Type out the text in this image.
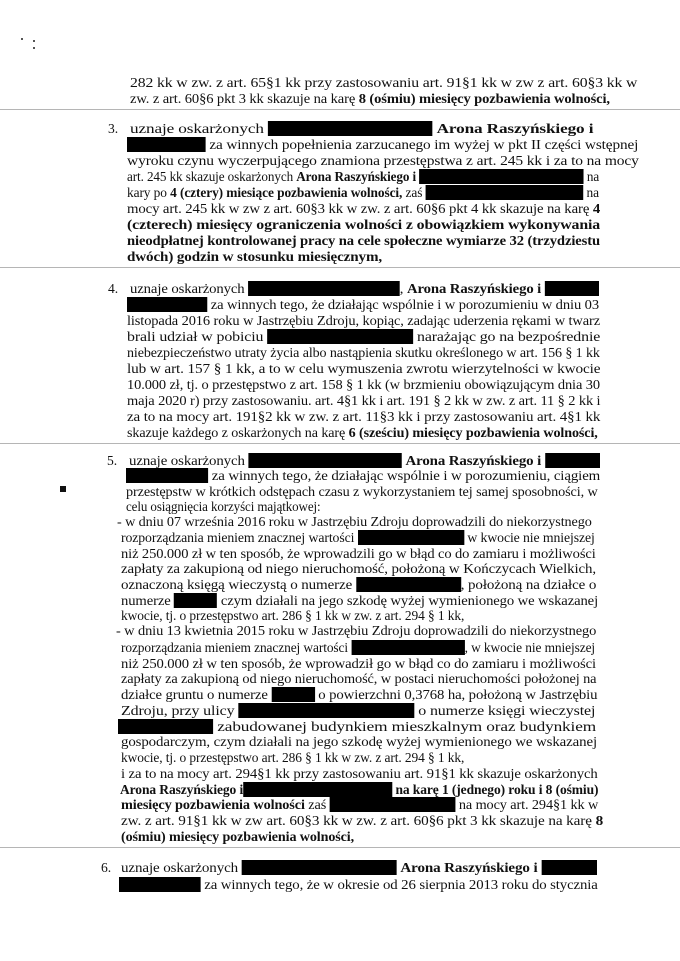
282 kk w zw. z art. 65§1 kk przy zastosowaniu art. 91§1 kk w zw z art. 60§3 kk w
zw. z art. 60§6 pkt 3 kk skazuje na karę 8 (ośmiu) miesięcy pozbawienia wolności,
3. uznaje oskarżonych	Arona Raszyńskiego i
za winnych popełnienia zarzucanego im wyżej w pkt II części wstępnej
wyroku czynu wyczerpującego znamiona przestępstwa z art. 245 kk i za to na mocy
art. 245 kk skazuje oskarżonych Arona Raszyńskiego i	na
kary po 4 (cztery) miesiące pozbawienia wolności, zaś	na
mocy art. 245 kk w zw z art. 60§3 kk w zw. z art. 60§6 pkt 4 kk skazuje na karę 4
(czterech) miesięcy ograniczenia wolności z obowiązkiem wykonywania
nieodpłatnej kontrolowanej pracy na cele społeczne wymiarze 32 (trzydziestu
dwóch) godzin w stosunku miesięcznym,
4. uznaje oskarżonych	, Arona Raszyńskiego i
za winnych tego, że działając wspólnie i w porozumieniu w dniu 03
listopada 2016 roku w Jastrzębiu Zdroju, kopiąc, zadając uderzenia rękami w twarz
brali udział w pobiciu	narażając go na bezpośrednie
niebezpieczeństwo utraty życia albo nastąpienia skutku określonego w art. 156 § 1 kk
lub w art. 157 § 1 kk, a to w celu wymuszenia zwrotu wierzytelności w kwocie
10.000 zł, tj. o przestępstwo z art. 158 § 1 kk (w brzmieniu obowiązującym dnia 30
maja 2020 r) przy zastosowaniu. art. 4§1 kk i art. 191 § 2 kk w zw. z art. 11 § 2 kk i
za to na mocy art. 191§2 kk w zw. z art. 11§3 kk i przy zastosowaniu art. 4§1 kk
skazuje każdego z oskarżonych na karę 6 (sześciu) miesięcy pozbawienia wolności,
5. uznaje oskarżonych	Arona Raszyńskiego i
za winnych tego, że działając wspólnie i w porozumieniu, ciągiem
przestępstw w krótkich odstępach czasu z wykorzystaniem tej samej sposobności, w
celu osiągnięcia korzyści majątkowej:
- w dniu 07 września 2016 roku w Jastrzębiu Zdroju doprowadzili do niekorzystnego
rozporządzania mieniem znacznej wartości	w kwocie nie mniejszej
niż 250.000 zł w ten sposób, że wprowadzili go w błąd co do zamiaru i możliwości
zapłaty za zakupioną od niego nieruchomość, położoną w Kończycach Wielkich,
oznaczoną księgą wieczystą o numerze	, położoną na działce o
numerze	czym działali na jego szkodę wyżej wymienionego we wskazanej
kwocie, tj. o przestępstwo art. 286 § 1 kk w zw. z art. 294 § 1 kk,
- w dniu 13 kwietnia 2015 roku w Jastrzębiu Zdroju doprowadzili do niekorzystnego
rozporządzania mieniem znacznej wartości	, w kwocie nie mniejszej
niż 250.000 zł w ten sposób, że wprowadził go w błąd co do zamiaru i możliwości
zapłaty za zakupioną od niego nieruchomość, w postaci nieruchomości położonej na
działce gruntu o numerze	o powierzchni 0,3768 ha, położoną w Jastrzębiu
Zdroju, przy ulicy	o numerze księgi wieczystej
zabudowanej budynkiem mieszkalnym oraz budynkiem
gospodarczym, czym działali na jego szkodę wyżej wymienionego we wskazanej
kwocie, tj. o przestępstwo art. 286 § 1 kk w zw. z art. 294 § 1 kk,
i za to na mocy art. 294§1 kk przy zastosowaniu art. 91§1 kk skazuje oskarżonych
Arona Raszyńskiego i	na karę 1 (jednego) roku i 8 (ośmiu)
miesięcy pozbawienia wolności zaś	na mocy art. 294§1 kk w
zw. z art. 91§1 kk w zw art. 60§3 kk w zw. z art. 60§6 pkt 3 kk skazuje na karę 8
(ośmiu) miesięcy pozbawienia wolności,
6. uznaje oskarżonych	Arona Raszyńskiego i
za winnych tego, że w okresie od 26 sierpnia 2013 roku do stycznia
